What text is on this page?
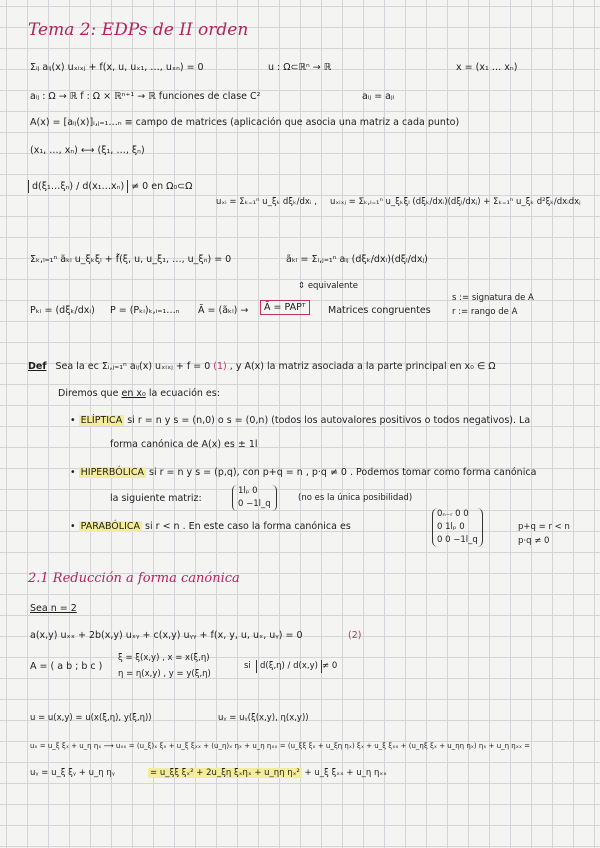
Tema 2: EDPs de II orden
Σᵢⱼ aᵢⱼ(x) uₓᵢₓⱼ + f(x, u, uₓ₁, …, uₓₙ) = 0	u : Ω⊂ℝⁿ → ℝ	x = (x₁ … xₙ)
aᵢⱼ : Ω → ℝ f : Ω × ℝⁿ⁺¹ → ℝ funciones de clase C²	aᵢⱼ = aⱼᵢ
A(x) = [aᵢⱼ(x)]ᵢ,ⱼ₌₁…ₙ ≡ campo de matrices (aplicación que asocia una matriz a cada punto)
(x₁, …, xₙ) ⟷ (ξ₁, …, ξₙ)
d(ξ₁…ξₙ) / d(x₁…xₙ) ≠ 0 en Ω₀⊂Ω
uₓᵢ = Σₖ₌₁ⁿ u_ξₖ dξₖ/dxᵢ , uₓᵢₓⱼ = Σₖ,ₗ₌₁ⁿ u_ξₖξₗ (dξₖ/dxᵢ)(dξₗ/dxⱼ) + Σₖ₌₁ⁿ u_ξₖ d²ξₖ/dxᵢdxⱼ
Σₖ,ₗ₌₁ⁿ ãₖₗ u_ξₖξₗ + f̃(ξ, u, u_ξ₁, …, u_ξₙ) = 0	ãₖₗ = Σᵢ,ⱼ₌₁ⁿ aᵢⱼ (dξₖ/dxᵢ)(dξₗ/dxⱼ)
⇕ equivalente
Pₖᵢ = (dξₖ/dxᵢ) P = (Pₖᵢ)ₖ,ᵢ₌₁…ₙ Ã = (ãₖₗ) →	Ã = PAPᵀ	Matrices congruentes
s := signatura de A
r := rango de A
Def Sea la ec Σᵢ,ⱼ₌₁ⁿ aᵢⱼ(x) uₓᵢₓⱼ + f = 0 (1) , y A(x) la matriz asociada a la parte principal en x₀ ∈ Ω
Diremos que en x₀ la ecuación es:
• ELÍPTICA si r = n y s = (n,0) o s = (0,n) (todos los autovalores positivos o todos negativos). La
forma canónica de A(x) es ± 1l
• HIPERBÓLICA si r = n y s = (p,q), con p+q = n , p·q ≠ 0 . Podemos tomar como forma canónica
la siguiente matriz:
1lₚ 0
0 −1l_q
(no es la única posibilidad)
• PARABÓLICA si r < n . En este caso la forma canónica es
0ₙ₋ᵣ 0 0
0 1lₚ 0
0 0 −1l_q
p+q = r < n
p·q ≠ 0
2.1 Reducción a forma canónica
Sea n = 2
a(x,y) uₓₓ + 2b(x,y) uₓᵧ + c(x,y) uᵧᵧ + f(x, y, u, uₓ, uᵧ) = 0	(2)
A = ( a b ; b c )
ξ = ξ(x,y) , x = x(ξ,η)
η = η(x,y) , y = y(ξ,η)
si	d(ξ,η) / d(x,y) ≠ 0
u = u(x,y) = u(x(ξ,η), y(ξ,η))	uᵧ = uᵧ(ξ(x,y), η(x,y))
uₓ = u_ξ ξₓ + u_η ηₓ ⟶ uₓₓ = (u_ξ)ₓ ξₓ + u_ξ ξₓₓ + (u_η)ₓ ηₓ + u_η ηₓₓ = (u_ξξ ξₓ + u_ξη ηₓ) ξₓ + u_ξ ξₓₓ + (u_ηξ ξₓ + u_ηη ηₓ) ηₓ + u_η ηₓₓ =
uᵧ = u_ξ ξᵧ + u_η ηᵧ	= u_ξξ ξₓ² + 2u_ξη ξₓηₓ + u_ηη ηₓ² + u_ξ ξₓₓ + u_η ηₓₓ
